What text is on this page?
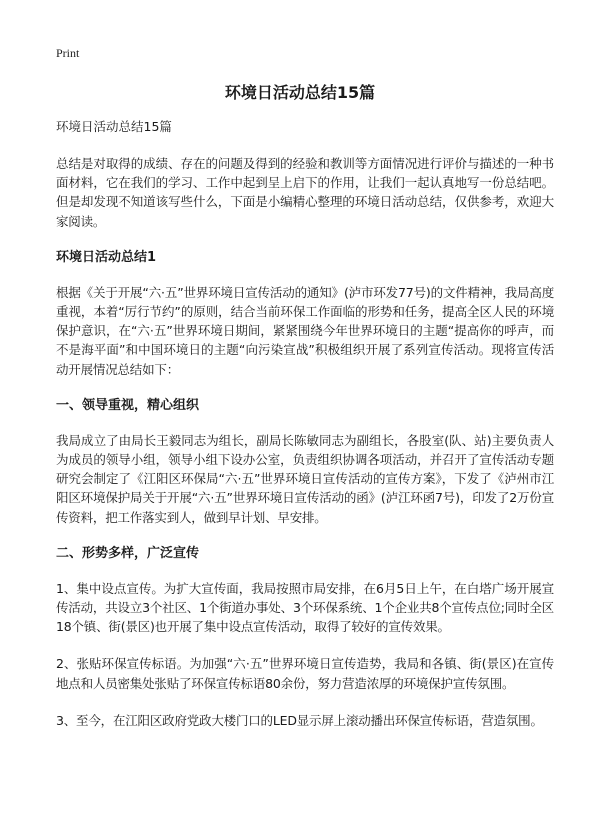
Print
环境日活动总结15篇

环境日活动总结15篇

总结是对取得的成绩、存在的问题及得到的经验和教训等方面情况进行评价与描述的一种书面材料，它在我们的学习、工作中起到呈上启下的作用，让我们一起认真地写一份总结吧。但是却发现不知道该写些什么，下面是小编精心整理的环境日活动总结，仅供参考，欢迎大家阅读。

环境日活动总结1

根据《关于开展“六·五”世界环境日宣传活动的通知》(泸市环发77号)的文件精神，我局高度重视，本着“厉行节约”的原则，结合当前环保工作面临的形势和任务，提高全区人民的环境保护意识，在“六·五”世界环境日期间，紧紧围绕今年世界环境日的主题“提高你的呼声，而不是海平面”和中国环境日的主题“向污染宣战”积极组织开展了系列宣传活动。现将宣传活动开展情况总结如下：

一、领导重视，精心组织

我局成立了由局长王毅同志为组长，副局长陈敏同志为副组长，各股室(队、站)主要负责人为成员的领导小组，领导小组下设办公室，负责组织协调各项活动，并召开了宣传活动专题研究会制定了《江阳区环保局“六·五”世界环境日宣传活动的宣传方案》，下发了《泸州市江阳区环境保护局关于开展“六·五”世界环境日宣传活动的函》(泸江环函7号)，印发了2万份宣传资料，把工作落实到人，做到早计划、早安排。

二、形势多样，广泛宣传

1、集中设点宣传。为扩大宣传面，我局按照市局安排，在6月5日上午，在白塔广场开展宣传活动，共设立3个社区、1个街道办事处、3个环保系统、1个企业共8个宣传点位;同时全区18个镇、街(景区)也开展了集中设点宣传活动，取得了较好的宣传效果。

2、张贴环保宣传标语。为加强“六·五”世界环境日宣传造势，我局和各镇、街(景区)在宣传地点和人员密集处张贴了环保宣传标语80余份，努力营造浓厚的环境保护宣传氛围。

3、至今，在江阳区政府党政大楼门口的LED显示屏上滚动播出环保宣传标语，营造氛围。
